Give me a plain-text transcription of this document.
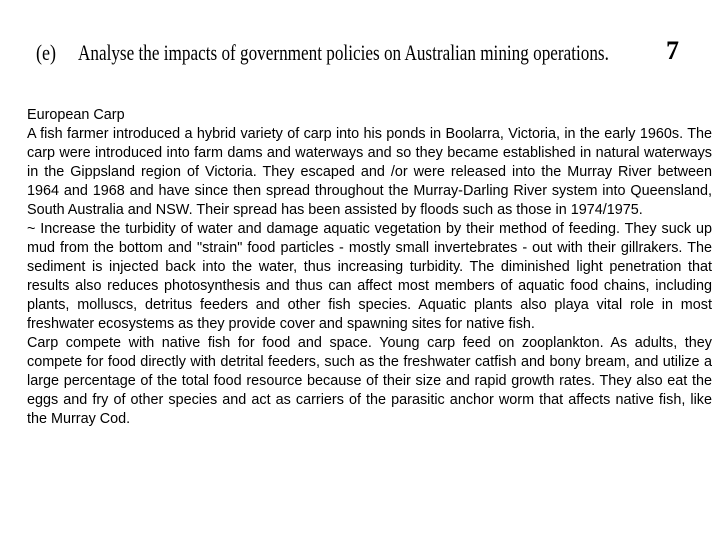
(e) Analyse the impacts of government policies on Australian mining operations. 7

European Carp

A fish farmer introduced a hybrid variety of carp into his ponds in Boolarra, Victoria, in the early 1960s. The carp were introduced into farm dams and waterways and so they became established in natural waterways in the Gippsland region of Victoria. They escaped and /or were released into the Murray River between 1964 and 1968 and have since then spread throughout the Murray-Darling River system into Queensland, South Australia and NSW. Their spread has been assisted by floods such as those in 1974/1975.

~ Increase the turbidity of water and damage aquatic vegetation by their method of feeding. They suck up mud from the bottom and "strain" food particles - mostly small invertebrates - out with their gillrakers. The sediment is injected back into the water, thus increasing turbidity. The diminished light penetration that results also reduces photosynthesis and thus can affect most members of aquatic food chains, including plants, molluscs, detritus feeders and other fish species. Aquatic plants also playa vital role in most freshwater ecosystems as they provide cover and spawning sites for native fish.

Carp compete with native fish for food and space. Young carp feed on zooplankton. As adults, they compete for food directly with detrital feeders, such as the freshwater catfish and bony bream, and utilize a large percentage of the total food resource because of their size and rapid growth rates. They also eat the eggs and fry of other species and act as carriers of the parasitic anchor worm that affects native fish, like the Murray Cod.
